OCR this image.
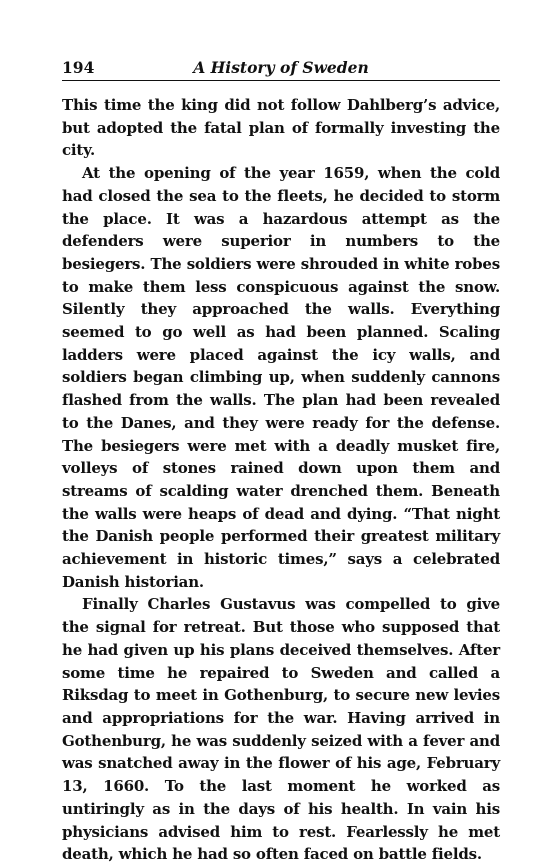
194	A History of Sweden

This time the king did not follow Dahlberg’s advice, but adopted the fatal plan of formally investing the city.

At the opening of the year 1659, when the cold had closed the sea to the fleets, he decided to storm the place. It was a hazardous attempt as the defenders were superior in numbers to the besiegers. The soldiers were shrouded in white robes to make them less conspicuous against the snow. Silently they approached the walls. Everything seemed to go well as had been planned. Scaling ladders were placed against the icy walls, and soldiers began climbing up, when suddenly cannons flashed from the walls. The plan had been revealed to the Danes, and they were ready for the defense. The besiegers were met with a deadly musket fire, volleys of stones rained down upon them and streams of scalding water drenched them. Beneath the walls were heaps of dead and dying. “That night the Danish people performed their greatest military achievement in historic times,” says a celebrated Danish historian.

Finally Charles Gustavus was compelled to give the signal for retreat. But those who supposed that he had given up his plans deceived themselves. After some time he repaired to Sweden and called a Riksdag to meet in Gothenburg, to secure new levies and appropriations for the war. Having arrived in Gothenburg, he was suddenly seized with a fever and was snatched away in the flower of his age, February 13, 1660. To the last moment he worked as untiringly as in the days of his health. In vain his physicians advised him to rest. Fearlessly he met death, which he had so often faced on battle fields.
